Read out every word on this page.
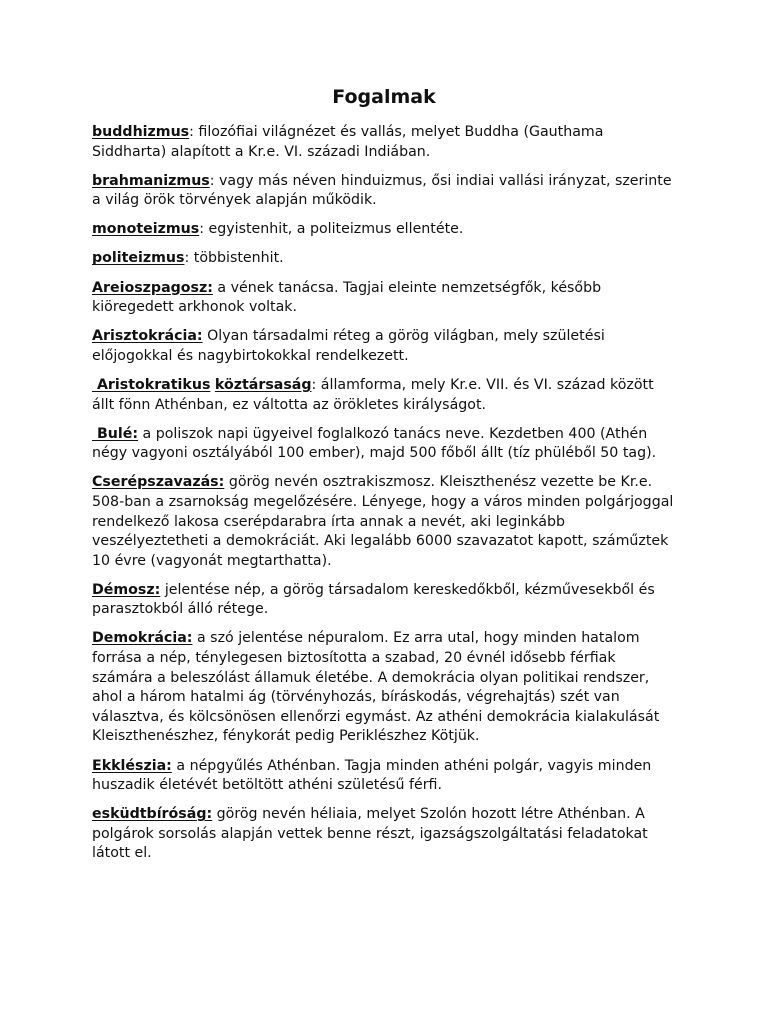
Fogalmak

buddhizmus: filozófiai világnézet és vallás, melyet Buddha (Gauthama Siddharta) alapított a Kr.e. VI. századi Indiában.

brahmanizmus: vagy más néven hinduizmus, ősi indiai vallási irányzat, szerinte a világ örök törvények alapján működik.

monoteizmus: egyistenhit, a politeizmus ellentéte.

politeizmus: többistenhit.

Areioszpagosz: a vének tanácsa. Tagjai eleinte nemzetségfők, később kiöregedett arkhonok voltak.

Arisztokrácia: Olyan társadalmi réteg a görög világban, mely születési előjogokkal és nagybirtokokkal rendelkezett.

Aristokratikus köztársaság: államforma, mely Kr.e. VII. és VI. század között állt fönn Athénban, ez váltotta az örökletes királyságot.

Bulé: a poliszok napi ügyeivel foglalkozó tanács neve. Kezdetben 400 (Athén négy vagyoni osztályából 100 ember), majd 500 főből állt (tíz phüléből 50 tag).

Cserépszavazás: görög nevén osztrakiszmosz. Kleiszthenész vezette be Kr.e. 508-ban a zsarnokság megelőzésére. Lényege, hogy a város minden polgárjoggal rendelkező lakosa cserépdarabra írta annak a nevét, aki leginkább veszélyeztetheti a demokráciát. Aki legalább 6000 szavazatot kapott, száműztek 10 évre (vagyonát megtarthatta).

Démosz: jelentése nép, a görög társadalom kereskedőkből, kézművesekből és parasztokból álló rétege.

Demokrácia: a szó jelentése népuralom. Ez arra utal, hogy minden hatalom forrása a nép, ténylegesen biztosította a szabad, 20 évnél idősebb férfiak számára a beleszólást államuk életébe. A demokrácia olyan politikai rendszer, ahol a három hatalmi ág (törvényhozás, bíráskodás, végrehajtás) szét van választva, és kölcsönösen ellenőrzi egymást. Az athéni demokrácia kialakulását Kleiszthenészhez, fénykorát pedig Periklészhez Kötjük.

Ekklészia: a népgyűlés Athénban. Tagja minden athéni polgár, vagyis minden huszadik életévét betöltött athéni születésű férfi.

esküdtbíróság: görög nevén héliaia, melyet Szolón hozott létre Athénban. A polgárok sorsolás alapján vettek benne részt, igazságszolgáltatási feladatokat látott el.
